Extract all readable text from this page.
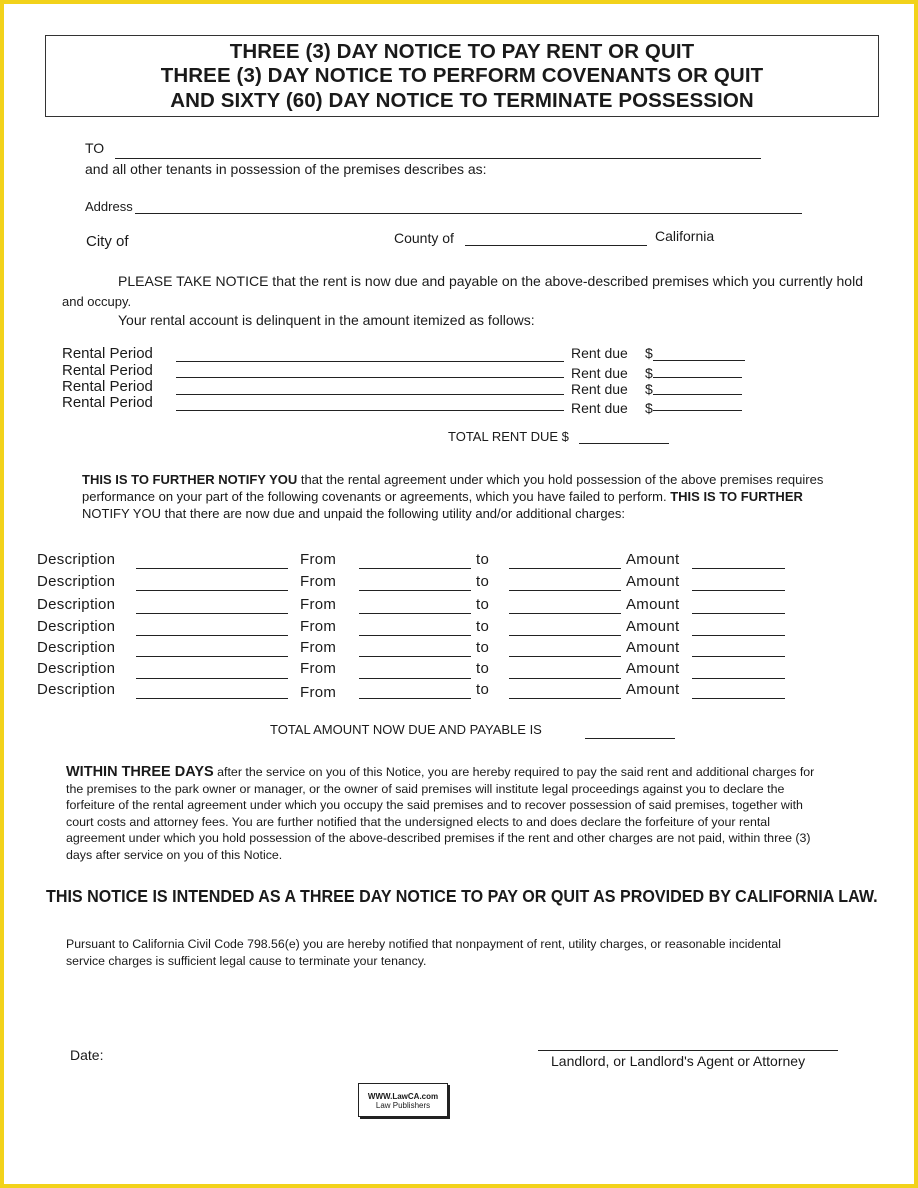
THREE (3) DAY NOTICE TO PAY RENT OR QUIT
THREE (3) DAY NOTICE TO PERFORM COVENANTS OR QUIT
AND SIXTY (60) DAY NOTICE TO TERMINATE POSSESSION
TO
and all other tenants in possession of the premises describes as:
Address
City of	County of	California
PLEASE TAKE NOTICE that the rent is now due and payable on the above-described premises which you currently hold
and occupy.
Your rental account is delinquent in the amount itemized as follows:
Rental Period	Rent due $
Rental Period	Rent due $
Rental Period	Rent due $
Rental Period	Rent due $
TOTAL RENT DUE $
THIS IS TO FURTHER NOTIFY YOU that the rental agreement under which you hold possession of the above premises requires
performance on your part of the following covenants or agreements, which you have failed to perform. THIS IS TO FURTHER
NOTIFY YOU that there are now due and unpaid the following utility and/or additional charges:
Description	From	to	Amount
Description	From	to	Amount
Description	From	to	Amount
Description	From	to	Amount
Description	From	to	Amount
Description	From	to	Amount
Description	From	to	Amount
TOTAL AMOUNT NOW DUE AND PAYABLE IS
WITHIN THREE DAYS after the service on you of this Notice, you are hereby required to pay the said rent and additional charges for the premises to the park owner or manager, or the owner of said premises will institute legal proceedings against you to declare the forfeiture of the rental agreement under which you occupy the said premises and to recover possession of said premises, together with court costs and attorney fees. You are further notified that the undersigned elects to and does declare the forfeiture of your rental agreement under which you hold possession of the above-described premises if the rent and other charges are not paid, within three (3) days after service on you of this Notice.
THIS NOTICE IS INTENDED AS A THREE DAY NOTICE TO PAY OR QUIT AS PROVIDED BY CALIFORNIA LAW.
Pursuant to California Civil Code 798.56(e) you are hereby notified that nonpayment of rent, utility charges, or reasonable incidental service charges is sufficient legal cause to terminate your tenancy.
Date:	Landlord, or Landlord's Agent or Attorney
WWW.LawCA.com
Law Publishers
